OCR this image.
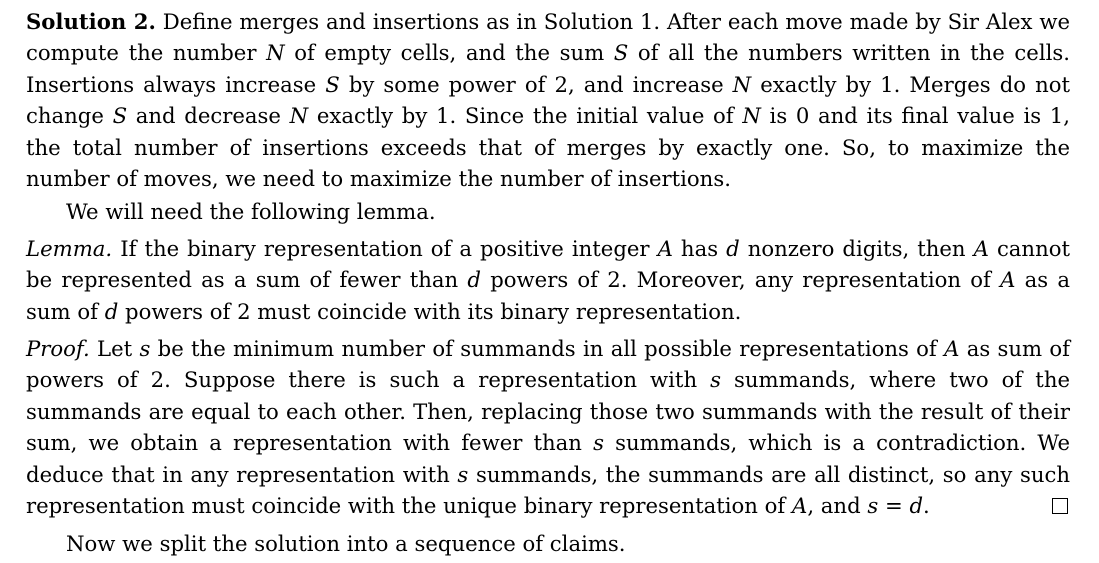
Solution 2. Define merges and insertions as in Solution 1. After each move made by Sir Alex we compute the number N of empty cells, and the sum S of all the numbers written in the cells. Insertions always increase S by some power of 2, and increase N exactly by 1. Merges do not change S and decrease N exactly by 1. Since the initial value of N is 0 and its final value is 1, the total number of insertions exceeds that of merges by exactly one. So, to maximize the number of moves, we need to maximize the number of insertions.

We will need the following lemma.

Lemma. If the binary representation of a positive integer A has d nonzero digits, then A cannot be represented as a sum of fewer than d powers of 2. Moreover, any representation of A as a sum of d powers of 2 must coincide with its binary representation.

Proof. Let s be the minimum number of summands in all possible representations of A as sum of powers of 2. Suppose there is such a representation with s summands, where two of the summands are equal to each other. Then, replacing those two summands with the result of their sum, we obtain a representation with fewer than s summands, which is a contradiction. We deduce that in any representation with s summands, the summands are all distinct, so any such representation must coincide with the unique binary representation of A, and s = d.

Now we split the solution into a sequence of claims.
